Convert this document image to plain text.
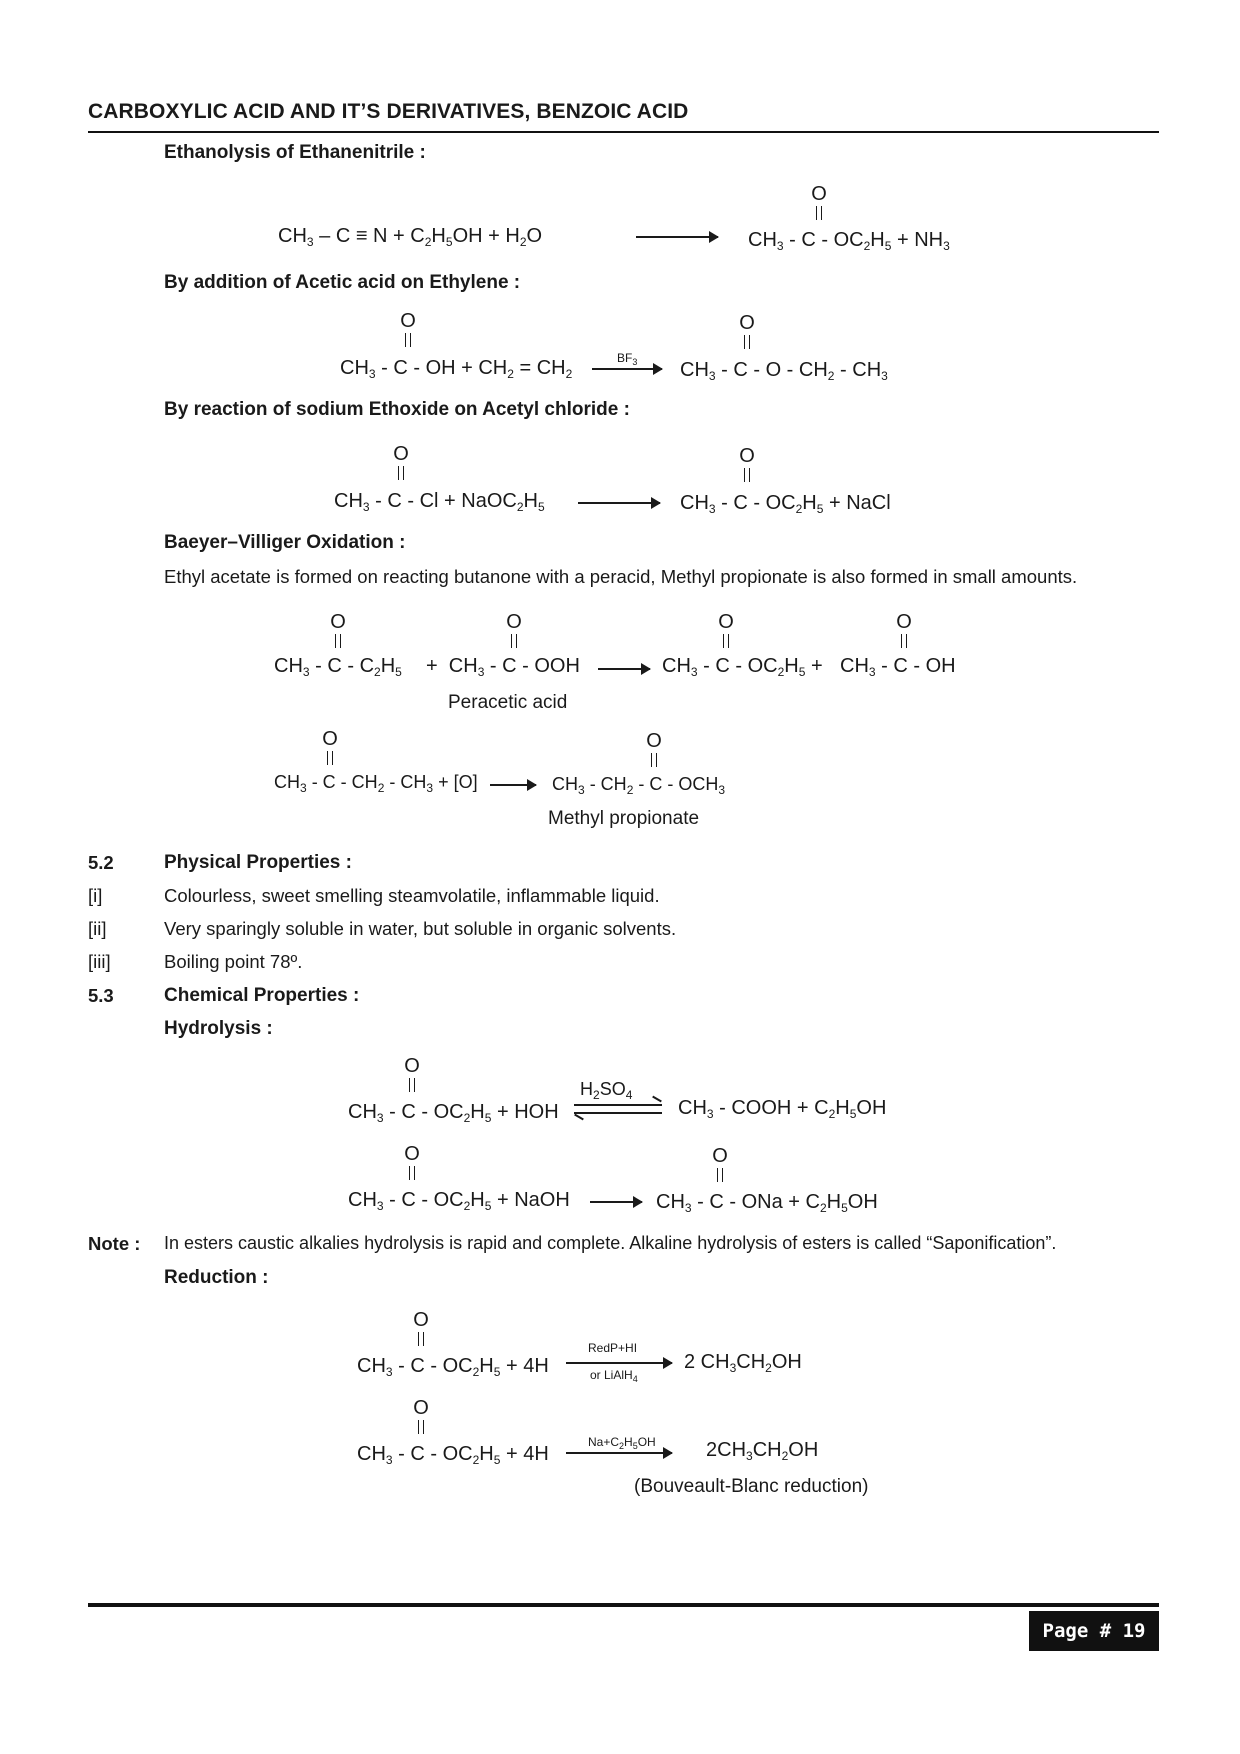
CARBOXYLIC ACID AND IT’S DERIVATIVES, BENZOIC ACID
Ethanolysis of Ethanenitrile :
$CH_3 - C \equiv N + C_2H_5OH + H_2O$
O
$CH_3 - C - OC_2H_5 + NH_3$
By addition of Acetic acid on Ethylene :
O
$CH_3$ - C - OH + $CH_2 = CH_2$
$BF_3$
O
$CH_3$ - C - O - $CH_2 - CH_3$
By reaction of sodium Ethoxide on Acetyl chloride :
O
$CH_3$ - $C - Cl + NaOC_2H_5$
O
$CH_3$ - C - $OC_2H_5$ + NaCl
Baeyer–Villiger Oxidation :
Ethyl acetate is formed on reacting butanone with a peracid, Methyl propionate is also formed in small amounts.
O
$CH_3$ - C - $C_2H_5$
O
+  $CH_3$ - C - OOH →
O
$CH_3$ - C - $OC_2H_5$ +
O
$CH_3$ - C - OH
Peracetic acid
O
$CH_3 - C - CH_2 - CH_3 + [O]$ →
O
$CH_3 - CH_2$ - C - $OCH_3$
Methyl propionate
5.2	Physical Properties :
[i]	Colourless, sweet smelling steamvolatile, inflammable liquid.
[ii]	Very sparingly soluble in water, but soluble in organic solvents.
[iii]	Boiling point 78º.
5.3	Chemical Properties :
Hydrolysis :
O
$CH_3$ - C - $OC_2H_5$ + HOH
$H_2SO_4$
$CH_3$ - COOH + $C_2H_5OH$
O
$CH_3$ - C - $OC_2H_5$ + NaOH →
O
$CH_3$ - C - ONa + $C_2H_5OH$
Note : In esters caustic alkalies hydrolysis is rapid and complete. Alkaline hydrolysis of esters is called “Saponification”.
Reduction :
O
$CH_3 - C - OC_2H_5 + 4H$
RedP+HI
or LiAlH$_4$
2 $CH_3CH_2OH$
O
$CH_3 - C - OC_2H_5 + 4H$
$Na+C_2H_5OH$	$2CH_3CH_2OH$
(Bouveault-Blanc reduction)
Page # 19
